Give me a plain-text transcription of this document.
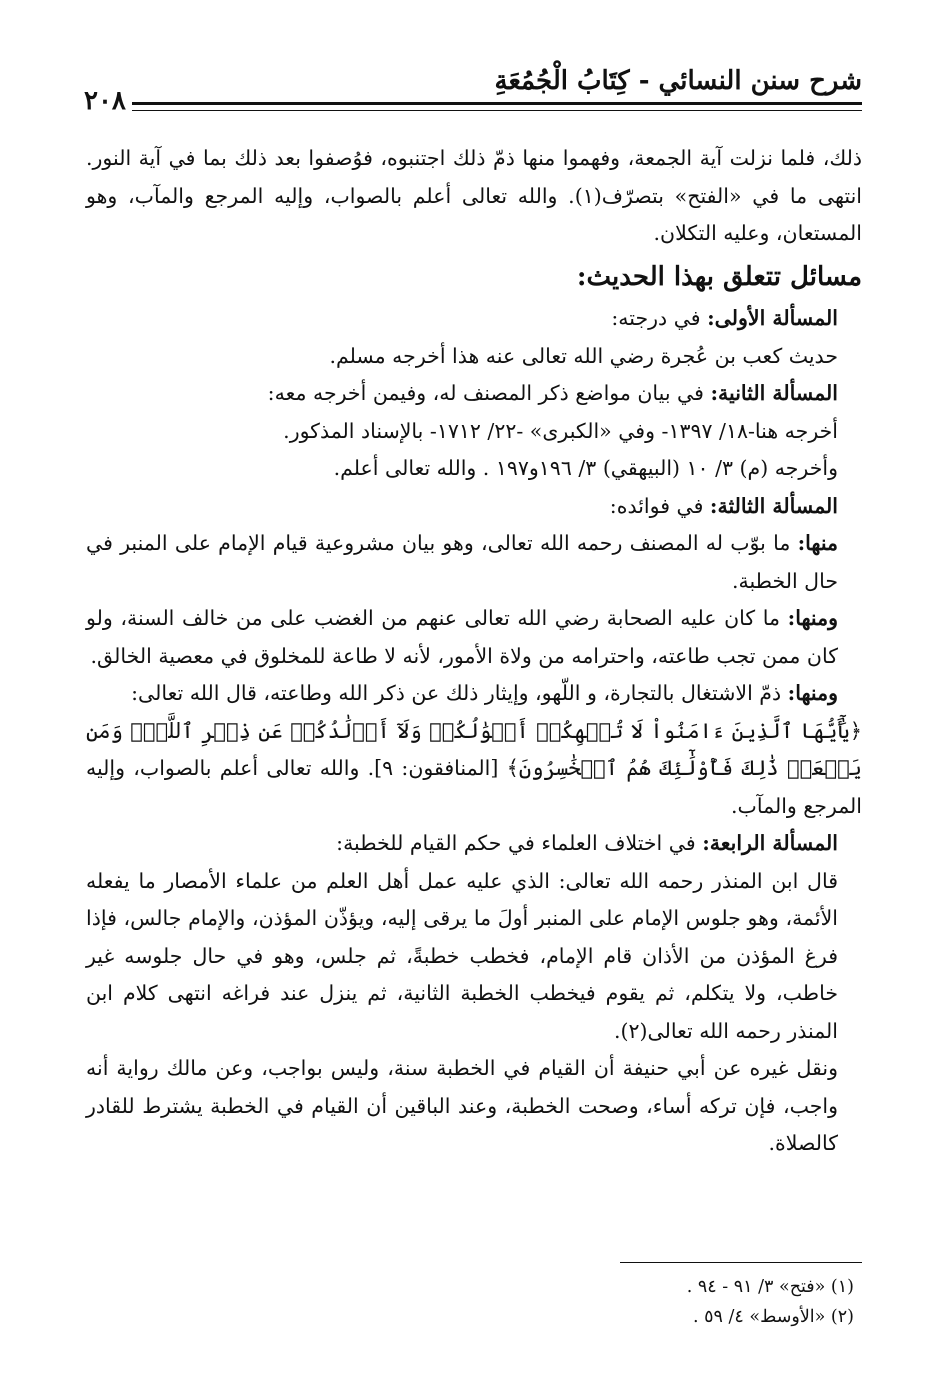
شرح سنن النسائي - كِتَابُ الْجُمُعَةِ
٢٠٨

ذلك، فلما نزلت آية الجمعة، وفهموا منها ذمّ ذلك اجتنبوه، فوُصفوا بعد ذلك بما في آية النور. انتهى ما في «الفتح» بتصرّف(١). والله تعالى أعلم بالصواب، وإليه المرجع والمآب، وهو المستعان، وعليه التكلان.

مسائل تتعلق بهذا الحديث:

المسألة الأولى: في درجته:

حديث كعب بن عُجرة رضي الله تعالى عنه هذا أخرجه مسلم.

المسألة الثانية: في بيان مواضع ذكر المصنف له، وفيمن أخرجه معه:

أخرجه هنا-١٨/ ١٣٩٧- وفي «الكبرى» -٢٢/ ١٧١٢- بالإسناد المذكور.

وأخرجه (م) ٣/ ١٠ (البيهقي) ٣/ ١٩٦و١٩٧ . والله تعالى أعلم.

المسألة الثالثة: في فوائده:

منها: ما بوّب له المصنف رحمه الله تعالى، وهو بيان مشروعية قيام الإمام على المنبر في حال الخطبة.

ومنها: ما كان عليه الصحابة رضي الله تعالى عنهم من الغضب على من خالف السنة، ولو كان ممن تجب طاعته، واحترامه من ولاة الأمور، لأنه لا طاعة للمخلوق في معصية الخالق.

ومنها: ذمّ الاشتغال بالتجارة، و اللّهو، وإيثار ذلك عن ذكر الله وطاعته، قال الله تعالى:

﴿يَٰٓأَيُّهَا ٱلَّذِينَ ءَامَنُواْ لَا تُلۡهِكُمۡ أَمۡوَٰلُكُمۡ وَلَآ أَوۡلَٰدُكُمۡ عَن ذِكۡرِ ٱللَّهِۚ وَمَن يَفۡعَلۡ ذَٰلِكَ فَأُوْلَٰٓئِكَ هُمُ ٱلۡخَٰسِرُونَ﴾ [المنافقون: ٩]. والله تعالى أعلم بالصواب، وإليه المرجع والمآب.

المسألة الرابعة: في اختلاف العلماء في حكم القيام للخطبة:

قال ابن المنذر رحمه الله تعالى: الذي عليه عمل أهل العلم من علماء الأمصار ما يفعله الأئمة، وهو جلوس الإمام على المنبر أولَ ما يرقى إليه، ويؤذّن المؤذن، والإمام جالس، فإذا فرغ المؤذن من الأذان قام الإمام، فخطب خطبةً، ثم جلس، وهو في حال جلوسه غير خاطب، ولا يتكلم، ثم يقوم فيخطب الخطبة الثانية، ثم ينزل عند فراغه انتهى كلام ابن المنذر رحمه الله تعالى(٢).

ونقل غيره عن أبي حنيفة أن القيام في الخطبة سنة، وليس بواجب، وعن مالك رواية أنه واجب، فإن تركه أساء، وصحت الخطبة، وعند الباقين أن القيام في الخطبة يشترط للقادر كالصلاة.

(١) «فتح» ٣/ ٩١ - ٩٤ .

(٢) «الأوسط» ٤/ ٥٩ .
